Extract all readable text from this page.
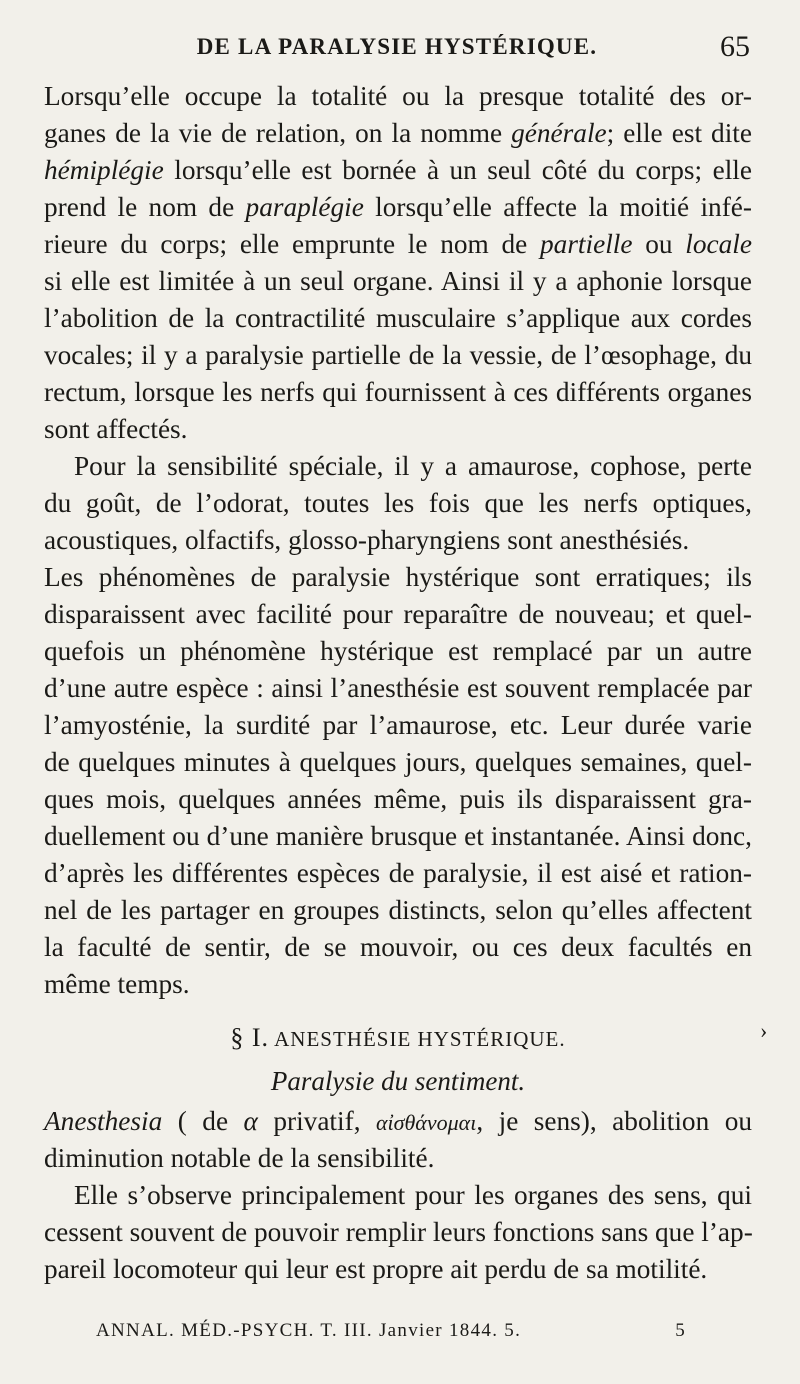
DE LA PARALYSIE HYSTÉRIQUE.	65
Lorsqu’elle occupe la totalité ou la presque totalité des or-
ganes de la vie de relation, on la nomme générale; elle est dite
hémiplégie lorsqu’elle est bornée à un seul côté du corps; elle
prend le nom de paraplégie lorsqu’elle affecte la moitié infé-
rieure du corps; elle emprunte le nom de partielle ou locale
si elle est limitée à un seul organe. Ainsi il y a aphonie lorsque
l’abolition de la contractilité musculaire s’applique aux cordes
vocales; il y a paralysie partielle de la vessie, de l’œsophage, du
rectum, lorsque les nerfs qui fournissent à ces différents organes
sont affectés.
Pour la sensibilité spéciale, il y a amaurose, cophose, perte
du goût, de l’odorat, toutes les fois que les nerfs optiques,
acoustiques, olfactifs, glosso-pharyngiens sont anesthésiés.
Les phénomènes de paralysie hystérique sont erratiques; ils
disparaissent avec facilité pour reparaître de nouveau; et quel-
quefois un phénomène hystérique est remplacé par un autre
d’une autre espèce : ainsi l’anesthésie est souvent remplacée par
l’amyosténie, la surdité par l’amaurose, etc. Leur durée varie
de quelques minutes à quelques jours, quelques semaines, quel-
ques mois, quelques années même, puis ils disparaissent gra-
duellement ou d’une manière brusque et instantanée. Ainsi donc,
d’après les différentes espèces de paralysie, il est aisé et ration-
nel de les partager en groupes distincts, selon qu’elles affectent
la faculté de sentir, de se mouvoir, ou ces deux facultés en
même temps.
§ I. ANESTHÉSIE HYSTÉRIQUE.
Paralysie du sentiment.
Anesthesia ( de α privatif, αἰσθάνομαι, je sens), abolition ou
diminution notable de la sensibilité.
Elle s’observe principalement pour les organes des sens, qui
cessent souvent de pouvoir remplir leurs fonctions sans que l’ap-
pareil locomoteur qui leur est propre ait perdu de sa motilité.
›
ANNAL. MÉD.-PSYCH. T. III. Janvier 1844. 5.	5
